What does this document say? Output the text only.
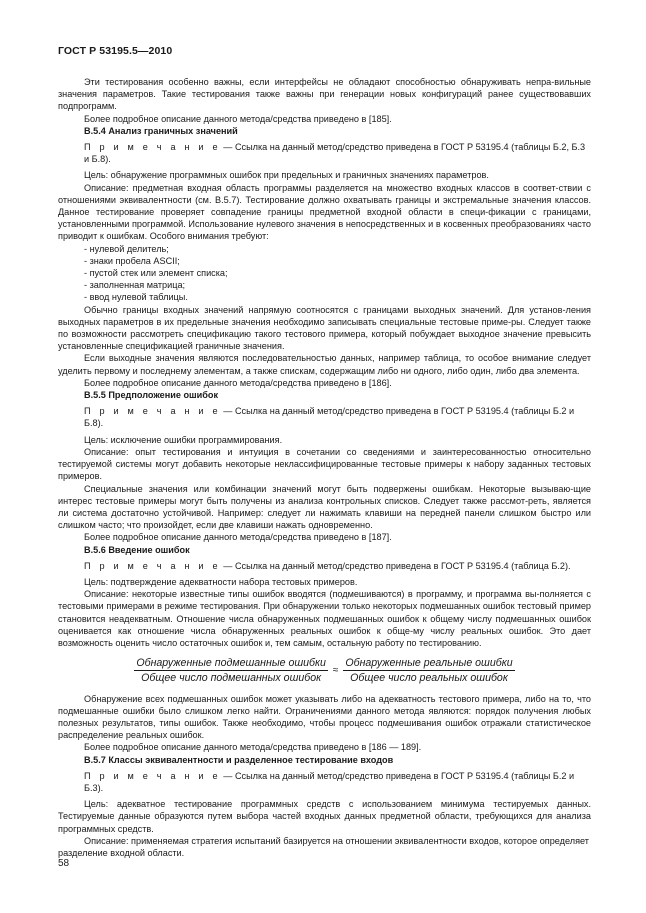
ГОСТ Р 53195.5—2010

Эти тестирования особенно важны, если интерфейсы не обладают способностью обнаруживать непра-вильные значения параметров. Такие тестирования также важны при генерации новых конфигураций ранее существовавших подпрограмм.

Более подробное описание данного метода/средства приведено в [185].

B.5.4 Анализ граничных значений

П р и м е ч а н и е — Ссылка на данный метод/средство приведена в ГОСТ Р 53195.4 (таблицы Б.2, Б.3 и Б.8).

Цель: обнаружение программных ошибок при предельных и граничных значениях параметров.

Описание: предметная входная область программы разделяется на множество входных классов в соответ-ствии с отношениями эквивалентности (см. В.5.7). Тестирование должно охватывать границы и экстремальные значения классов. Данное тестирование проверяет совпадение границы предметной входной области в специ-фикации с границами, установленными программой. Использование нулевого значения в непосредственных и в косвенных преобразованиях часто приводит к ошибкам. Особого внимания требуют:

- нулевой делитель;

- знаки пробела ASCII;

- пустой стек или элемент списка;

- заполненная матрица;

- ввод нулевой таблицы.

Обычно границы входных значений напрямую соотносятся с границами выходных значений. Для установ-ления выходных параметров в их предельные значения необходимо записывать специальные тестовые приме-ры. Следует также по возможности рассмотреть спецификацию такого тестового примера, который побуждает выходное значение превысить установленные спецификацией граничные значения.

Если выходные значения являются последовательностью данных, например таблица, то особое внимание следует уделить первому и последнему элементам, а также спискам, содержащим либо ни одного, либо один, либо два элемента.

Более подробное описание данного метода/средства приведено в [186].

B.5.5 Предположение ошибок

П р и м е ч а н и е — Ссылка на данный метод/средство приведена в ГОСТ Р 53195.4 (таблицы Б.2 и Б.8).

Цель: исключение ошибки программирования.

Описание: опыт тестирования и интуиция в сочетании со сведениями и заинтересованностью относительно тестируемой системы могут добавить некоторые неклассифицированные тестовые примеры к набору заданных тестовых примеров.

Специальные значения или комбинации значений могут быть подвержены ошибкам. Некоторые вызываю-щие интерес тестовые примеры могут быть получены из анализа контрольных списков. Следует также рассмот-реть, является ли система достаточно устойчивой. Например: следует ли нажимать клавиши на передней панели слишком быстро или слишком часто; что произойдет, если две клавиши нажать одновременно.

Более подробное описание данного метода/средства приведено в [187].

B.5.6 Введение ошибок

П р и м е ч а н и е — Ссылка на данный метод/средство приведена в ГОСТ Р 53195.4 (таблица Б.2).

Цель: подтверждение адекватности набора тестовых примеров.

Описание: некоторые известные типы ошибок вводятся (подмешиваются) в программу, и программа вы-полняется с тестовыми примерами в режиме тестирования. При обнаружении только некоторых подмешанных ошибок тестовый пример становится неадекватным. Отношение числа обнаруженных подмешанных ошибок к общему числу подмешанных ошибок оценивается как отношение числа обнаруженных реальных ошибок к обще-му числу реальных ошибок. Это дает возможность оценить число остаточных ошибок и, тем самым, остальную работу по тестированию.

$\frac{\text{Обнаруженные подмешанные ошибки}}{\text{Общее число подмешанных ошибок}} \approx \frac{\text{Обнаруженные реальные ошибки}}{\text{Общее число реальных ошибок}}$

Обнаружение всех подмешанных ошибок может указывать либо на адекватность тестового примера, либо на то, что подмешанные ошибки было слишком легко найти. Ограничениями данного метода являются: порядок получения любых полезных результатов, типы ошибок. Также необходимо, чтобы процесс подмешивания ошибок отражали статистическое распределение реальных ошибок.

Более подробное описание данного метода/средства приведено в [186 — 189].

B.5.7 Классы эквивалентности и разделенное тестирование входов

П р и м е ч а н и е — Ссылка на данный метод/средство приведена в ГОСТ Р 53195.4 (таблицы Б.2 и Б.3).

Цель: адекватное тестирование программных средств с использованием минимума тестируемых данных. Тестируемые данные образуются путем выбора частей входных данных предметной области, требующихся для анализа программных средств.

Описание: применяемая стратегия испытаний базируется на отношении эквивалентности входов, которое определяет разделение входной области.

58
